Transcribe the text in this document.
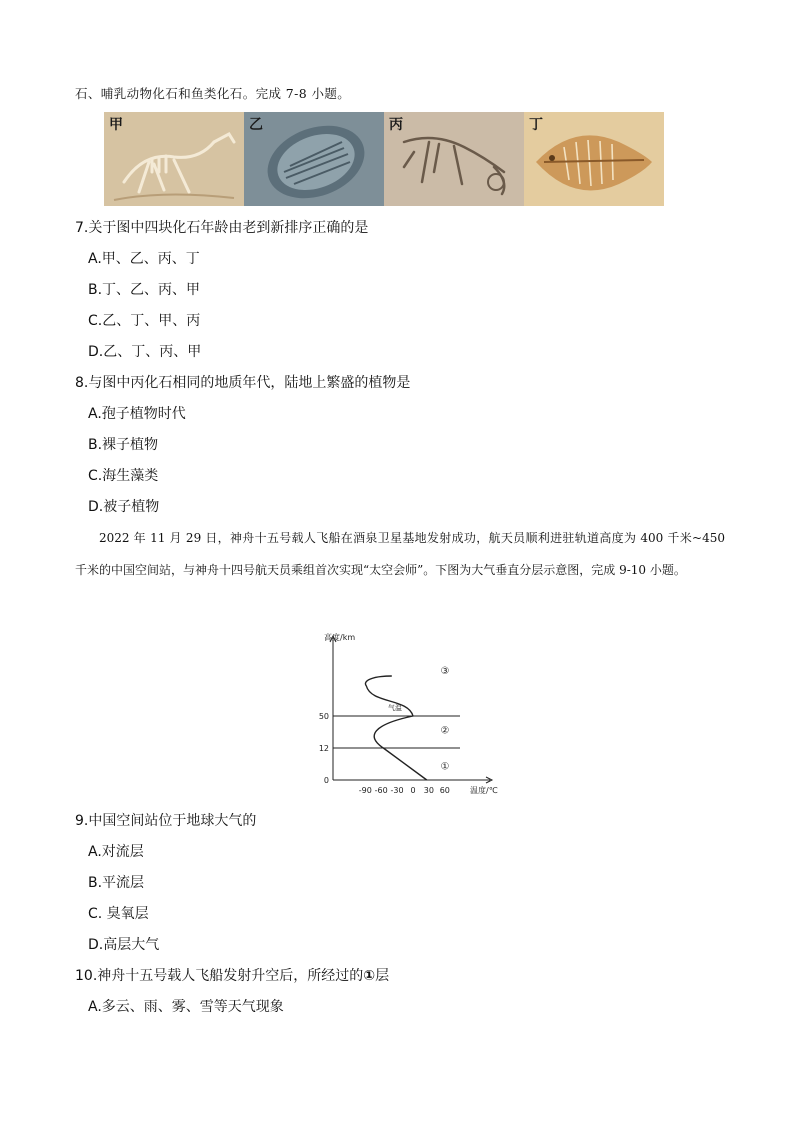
石、哺乳动物化石和鱼类化石。完成 7-8 小题。
甲	乙	丙	丁
7.关于图中四块化石年龄由老到新排序正确的是
A.甲、乙、丙、丁
B.丁、乙、丙、甲
C.乙、丁、甲、丙
D.乙、丁、丙、甲
8.与图中丙化石相同的地质年代，陆地上繁盛的植物是
A.孢子植物时代
B.裸子植物
C.海生藻类
D.被子植物

2022 年 11 月 29 日，神舟十五号载人飞船在酒泉卫星基地发射成功，航天员顺利进驻轨道高度为 400 千米~450 千米的中国空间站，与神舟十四号航天员乘组首次实现“太空会师”。下图为大气垂直分层示意图，完成 9-10 小题。

高度/km
温度/℃
-90 -60 -30 0 30 60
0
12
50
①
②
③
气温
9.中国空间站位于地球大气的
A.对流层
B.平流层
C. 臭氧层
D.高层大气
10.神舟十五号载人飞船发射升空后，所经过的①层
A.多云、雨、雾、雪等天气现象
